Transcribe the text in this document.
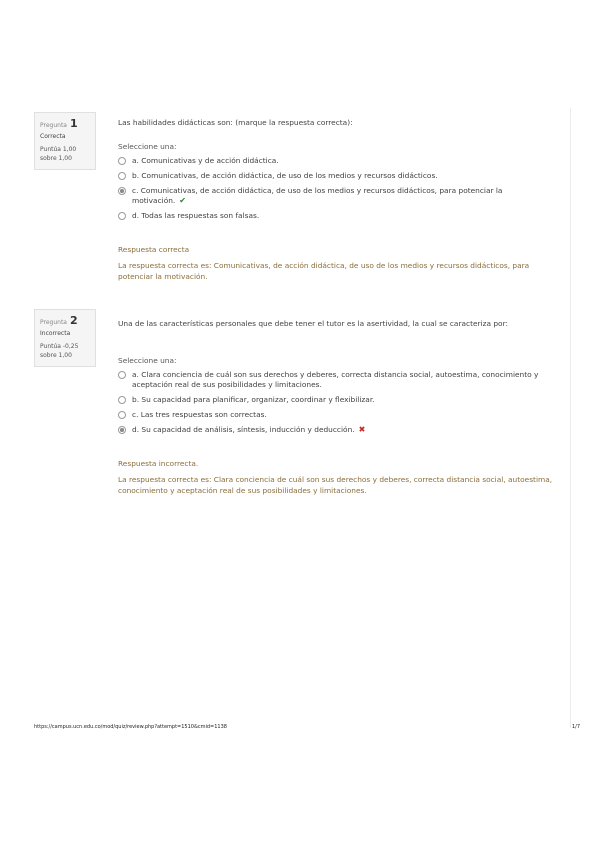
Pregunta 1
Correcta
Puntúa 1,00
sobre 1,00
Las habilidades didácticas son: (marque la respuesta correcta):
Seleccione una:
a. Comunicativas y de acción didáctica.
b. Comunicativas, de acción didáctica, de uso de los medios y recursos didácticos.
c. Comunicativas, de acción didáctica, de uso de los medios y recursos didácticos, para potenciar la motivación. ✔
d. Todas las respuestas son falsas.
Respuesta correcta
La respuesta correcta es: Comunicativas, de acción didáctica, de uso de los medios y recursos didácticos, para potenciar la motivación.
Pregunta 2
Incorrecta
Puntúa -0,25
sobre 1,00
Una de las características personales que debe tener el tutor es la asertividad, la cual se caracteriza por:
Seleccione una:
a. Clara conciencia de cuál son sus derechos y deberes, correcta distancia social, autoestima, conocimiento y aceptación real de sus posibilidades y limitaciones.
b. Su capacidad para planificar, organizar, coordinar y flexibilizar.
c. Las tres respuestas son correctas.
d. Su capacidad de análisis, síntesis, inducción y deducción. ✖
Respuesta incorrecta.
La respuesta correcta es: Clara conciencia de cuál son sus derechos y deberes, correcta distancia social, autoestima, conocimiento y aceptación real de sus posibilidades y limitaciones.
https://campus.ucn.edu.co/mod/quiz/review.php?attempt=1510&cmid=1138	1/7
